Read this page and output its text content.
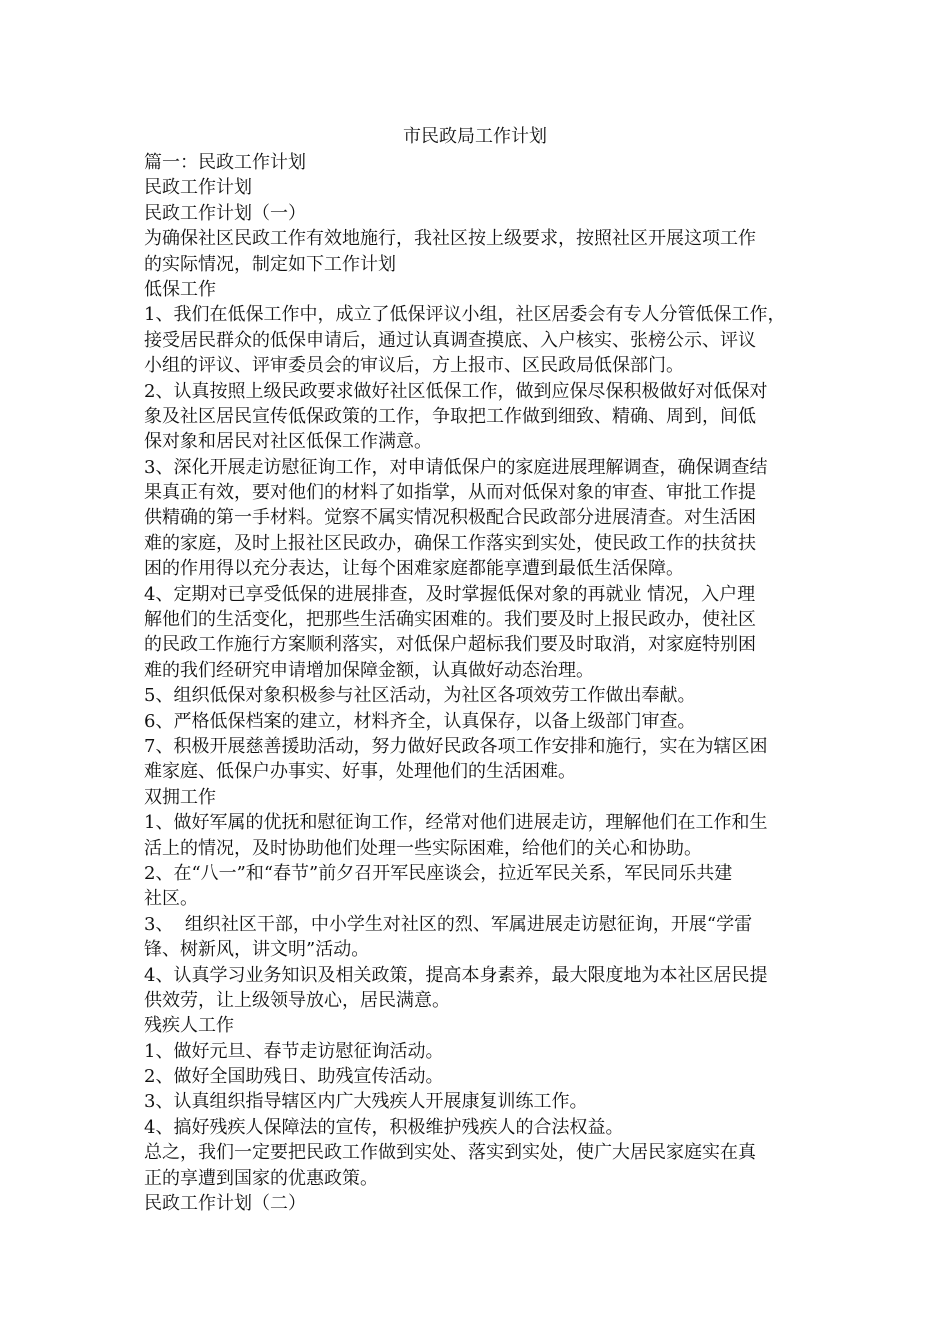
市民政局工作计划
篇一：民政工作计划
民政工作计划
民政工作计划（一）
为确保社区民政工作有效地施行，我社区按上级要求，按照社区开展这项工作
的实际情况，制定如下工作计划
低保工作
1、我们在低保工作中，成立了低保评议小组，社区居委会有专人分管低保工作，
接受居民群众的低保申请后，通过认真调查摸底、入户核实、张榜公示、评议
小组的评议、评审委员会的审议后，方上报市、区民政局低保部门。
2、认真按照上级民政要求做好社区低保工作，做到应保尽保积极做好对低保对
象及社区居民宣传低保政策的工作，争取把工作做到细致、精确、周到，间低
保对象和居民对社区低保工作满意。
3、深化开展走访慰征询工作，对申请低保户的家庭进展理解调查，确保调查结
果真正有效，要对他们的材料了如指掌，从而对低保对象的审查、审批工作提
供精确的第一手材料。觉察不属实情况积极配合民政部分进展清查。对生活困
难的家庭，及时上报社区民政办，确保工作落实到实处，使民政工作的扶贫扶
困的作用得以充分表达，让每个困难家庭都能享遭到最低生活保障。
4、定期对已享受低保的进展排查，及时掌握低保对象的再就业 情况，入户理
解他们的生活变化，把那些生活确实困难的。我们要及时上报民政办，使社区
的民政工作施行方案顺利落实，对低保户超标我们要及时取消，对家庭特别困
难的我们经研究申请增加保障金额，认真做好动态治理。
5、组织低保对象积极参与社区活动，为社区各项效劳工作做出奉献。
6、严格低保档案的建立，材料齐全，认真保存，以备上级部门审查。
7、积极开展慈善援助活动，努力做好民政各项工作安排和施行，实在为辖区困
难家庭、低保户办事实、好事，处理他们的生活困难。
双拥工作
1、做好军属的优抚和慰征询工作，经常对他们进展走访，理解他们在工作和生
活上的情况，及时协助他们处理一些实际困难，给他们的关心和协助。
2、在“八一”和“春节”前夕召开军民座谈会，拉近军民关系，军民同乐共建
社区。
3、  组织社区干部，中小学生对社区的烈、军属进展走访慰征询，开展“学雷
锋、树新风，讲文明”活动。
4、认真学习业务知识及相关政策，提高本身素养，最大限度地为本社区居民提
供效劳，让上级领导放心，居民满意。
残疾人工作
1、做好元旦、春节走访慰征询活动。
2、做好全国助残日、助残宣传活动。
3、认真组织指导辖区内广大残疾人开展康复训练工作。
4、搞好残疾人保障法的宣传，积极维护残疾人的合法权益。
总之，我们一定要把民政工作做到实处、落实到实处，使广大居民家庭实在真
正的享遭到国家的优惠政策。
民政工作计划（二）
